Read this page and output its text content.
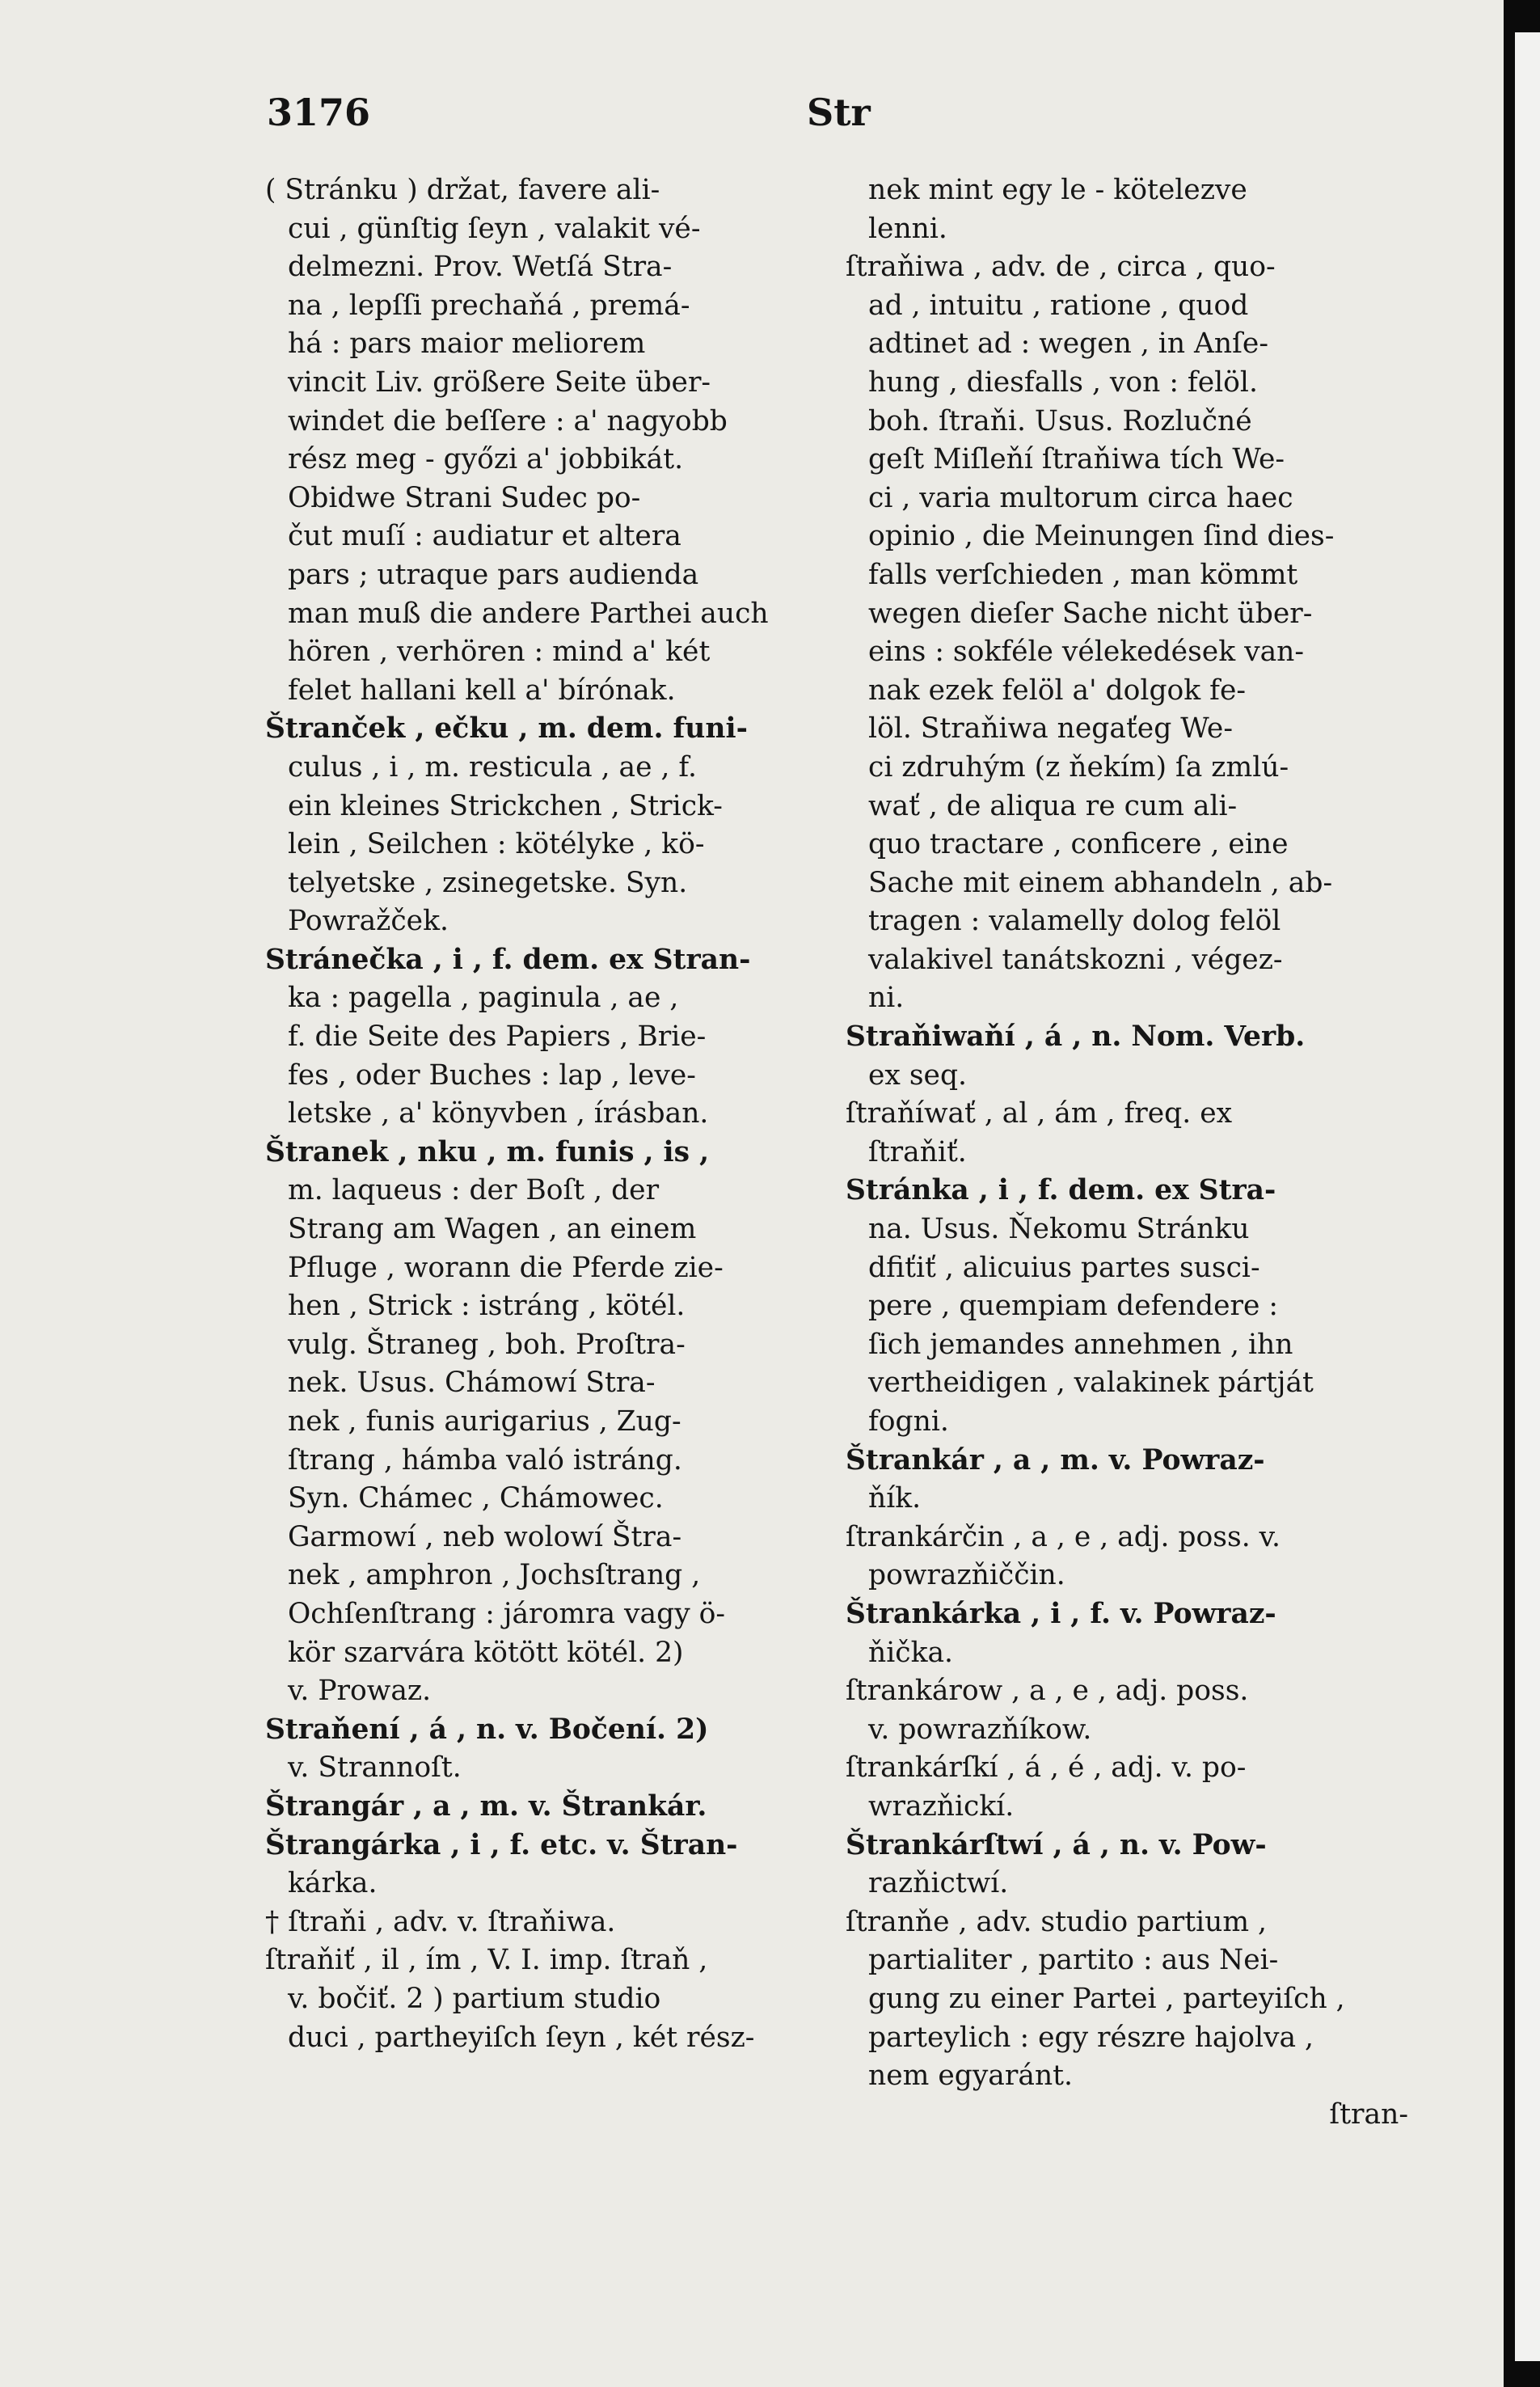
3176	Str
( Stránku ) držat, favere ali-
cui , günſtig ſeyn , valakit vé-
delmezni. Prov. Wetſá Stra-
na , lepſſi prechaňá , premá-
há : pars maior meliorem
vincit Liv. größere Seite über-
windet die beſſere : a' nagyobb
rész meg - győzi a' jobbikát.
Obidwe Strani Sudec po-
čut muſí : audiatur et altera
pars ; utraque pars audienda
man muß die andere Parthei auch
hören , verhören : mind a' két
felet hallani kell a' bírónak.
Štranček , ečku , m. dem. funi-
culus , i , m. resticula , ae , f.
ein kleines Strickchen , Strick-
lein , Seilchen : kötélyke , kö-
telyetske , zsinegetske. Syn.
Powražček.
Stránečka , i , f. dem. ex Stran-
ka : pagella , paginula , ae ,
f. die Seite des Papiers , Brie-
fes , oder Buches : lap , leve-
letske , a' könyvben , írásban.
Štranek , nku , m. funis , is ,
m. laqueus : der Boſt , der
Strang am Wagen , an einem
Pfluge , worann die Pferde zie-
hen , Strick : istráng , kötél.
vulg. Štraneg , boh. Proſtra-
nek. Usus. Chámowí Stra-
nek , funis aurigarius , Zug-
ſtrang , hámba való istráng.
Syn. Chámec , Chámowec.
Garmowí , neb wolowí Štra-
nek , amphron , Jochsſtrang ,
Ochſenſtrang : járomra vagy ö-
kör szarvára kötött kötél. 2)
v. Prowaz.
Straňení , á , n. v. Bočení. 2)
v. Strannoſt.
Štrangár , a , m. v. Štrankár.
Štrangárka , i , f. etc. v. Štran-
kárka.
† ſtraňi , adv. v. ſtraňiwa.
ſtraňiť , il , ím , V. I. imp. ſtraň ,
v. bočiť. 2 ) partium studio
duci , partheyiſch ſeyn , két rész-
nek mint egy le - kötelezve
lenni.
ſtraňiwa , adv. de , circa , quo-
ad , intuitu , ratione , quod
adtinet ad : wegen , in Anſe-
hung , diesfalls , von : felöl.
boh. ſtraňi. Usus. Rozlučné
geſt Miſleňí ſtraňiwa tích We-
ci , varia multorum circa haec
opinio , die Meinungen ſind dies-
falls verſchieden , man kömmt
wegen dieſer Sache nicht über-
eins : sokféle vélekedések van-
nak ezek felöl a' dolgok fe-
löl. Straňiwa negaťeg We-
ci zdruhým (z ňekím) ſa zmlú-
wať , de aliqua re cum ali-
quo tractare , conficere , eine
Sache mit einem abhandeln , ab-
tragen : valamelly dolog felöl
valakivel tanátskozni , végez-
ni.
Straňiwaňí , á , n. Nom. Verb.
ex seq.
ſtraňíwať , al , ám , freq. ex
ſtraňiť.
Stránka , i , f. dem. ex Stra-
na. Usus. Ňekomu Stránku
dfiťiť , alicuius partes susci-
pere , quempiam defendere :
ſich jemandes annehmen , ihn
vertheidigen , valakinek pártját
fogni.
Štrankár , a , m. v. Powraz-
ňík.
ſtrankárčin , a , e , adj. poss. v.
powrazňiččin.
Štrankárka , i , f. v. Powraz-
ňička.
ſtrankárow , a , e , adj. poss.
v. powrazňíkow.
ſtrankárſkí , á , é , adj. v. po-
wrazňickí.
Štrankárſtwí , á , n. v. Pow-
razňictwí.
ſtranňe , adv. studio partium ,
partialiter , partito : aus Nei-
gung zu einer Partei , parteyiſch ,
parteylich : egy részre hajolva ,
nem egyaránt.
ſtran-
